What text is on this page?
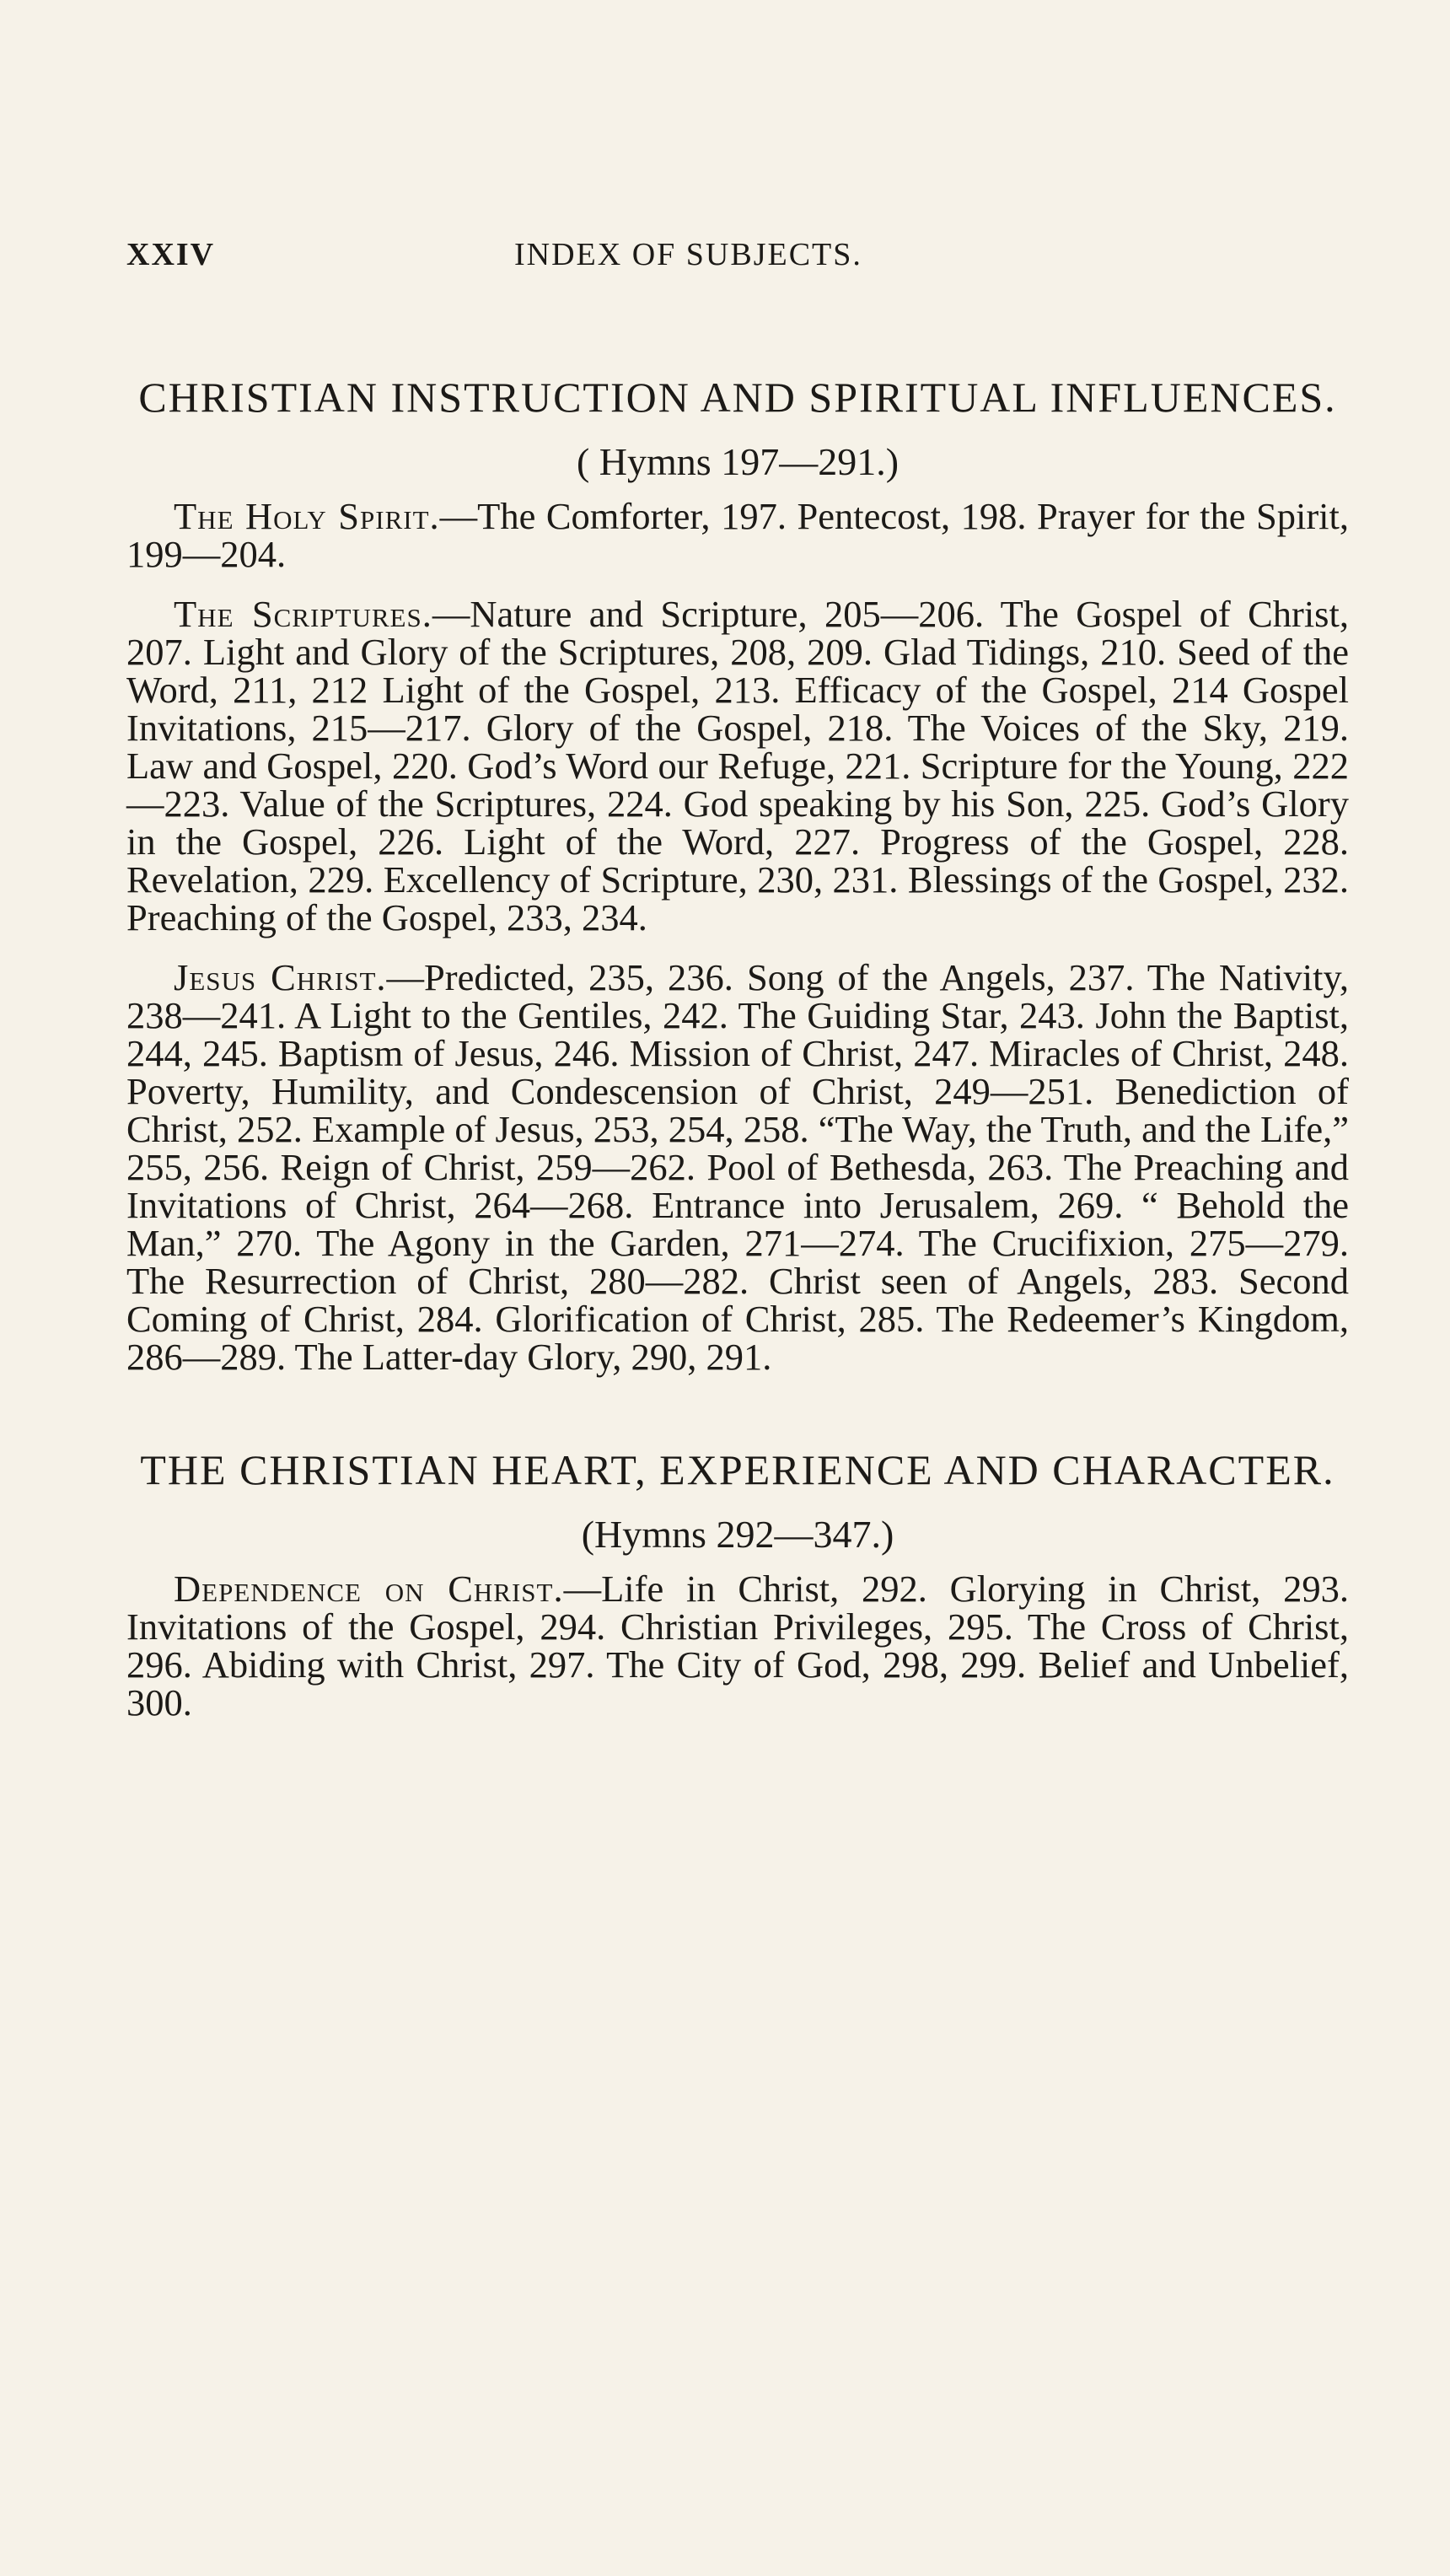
XXIV	INDEX OF SUBJECTS.
CHRISTIAN INSTRUCTION AND SPIRITUAL INFLUENCES.
( Hymns 197—291.)

The Holy Spirit.—The Comforter, 197. Pentecost, 198. Prayer for the Spirit, 199—204.

The Scriptures.—Nature and Scripture, 205—206. The Gospel of Christ, 207. Light and Glory of the Scriptures, 208, 209. Glad Tidings, 210. Seed of the Word, 211, 212 Light of the Gospel, 213. Efficacy of the Gospel, 214 Gospel Invitations, 215—217. Glory of the Gospel, 218. The Voices of the Sky, 219. Law and Gospel, 220. God’s Word our Refuge, 221. Scripture for the Young, 222—223. Value of the Scriptures, 224. God speaking by his Son, 225. God’s Glory in the Gospel, 226. Light of the Word, 227. Progress of the Gospel, 228. Revelation, 229. Excellency of Scripture, 230, 231. Blessings of the Gospel, 232. Preaching of the Gospel, 233, 234.

Jesus Christ.—Predicted, 235, 236. Song of the Angels, 237. The Nativity, 238—241. A Light to the Gentiles, 242. The Guiding Star, 243. John the Baptist, 244, 245. Baptism of Jesus, 246. Mission of Christ, 247. Miracles of Christ, 248. Poverty, Humility, and Condescension of Christ, 249—251. Benediction of Christ, 252. Example of Jesus, 253, 254, 258. “The Way, the Truth, and the Life,” 255, 256. Reign of Christ, 259—262. Pool of Bethesda, 263. The Preaching and Invitations of Christ, 264—268. Entrance into Jerusalem, 269. “ Behold the Man,” 270. The Agony in the Garden, 271—274. The Crucifixion, 275—279. The Resurrection of Christ, 280—282. Christ seen of Angels, 283. Second Coming of Christ, 284. Glorification of Christ, 285. The Redeemer’s Kingdom, 286—289. The Latter-day Glory, 290, 291.

THE CHRISTIAN HEART, EXPERIENCE AND CHARACTER.
(Hymns 292—347.)

Dependence on Christ.—Life in Christ, 292. Glorying in Christ, 293. Invitations of the Gospel, 294. Christian Privileges, 295. The Cross of Christ, 296. Abiding with Christ, 297. The City of God, 298, 299. Belief and Unbelief, 300.
